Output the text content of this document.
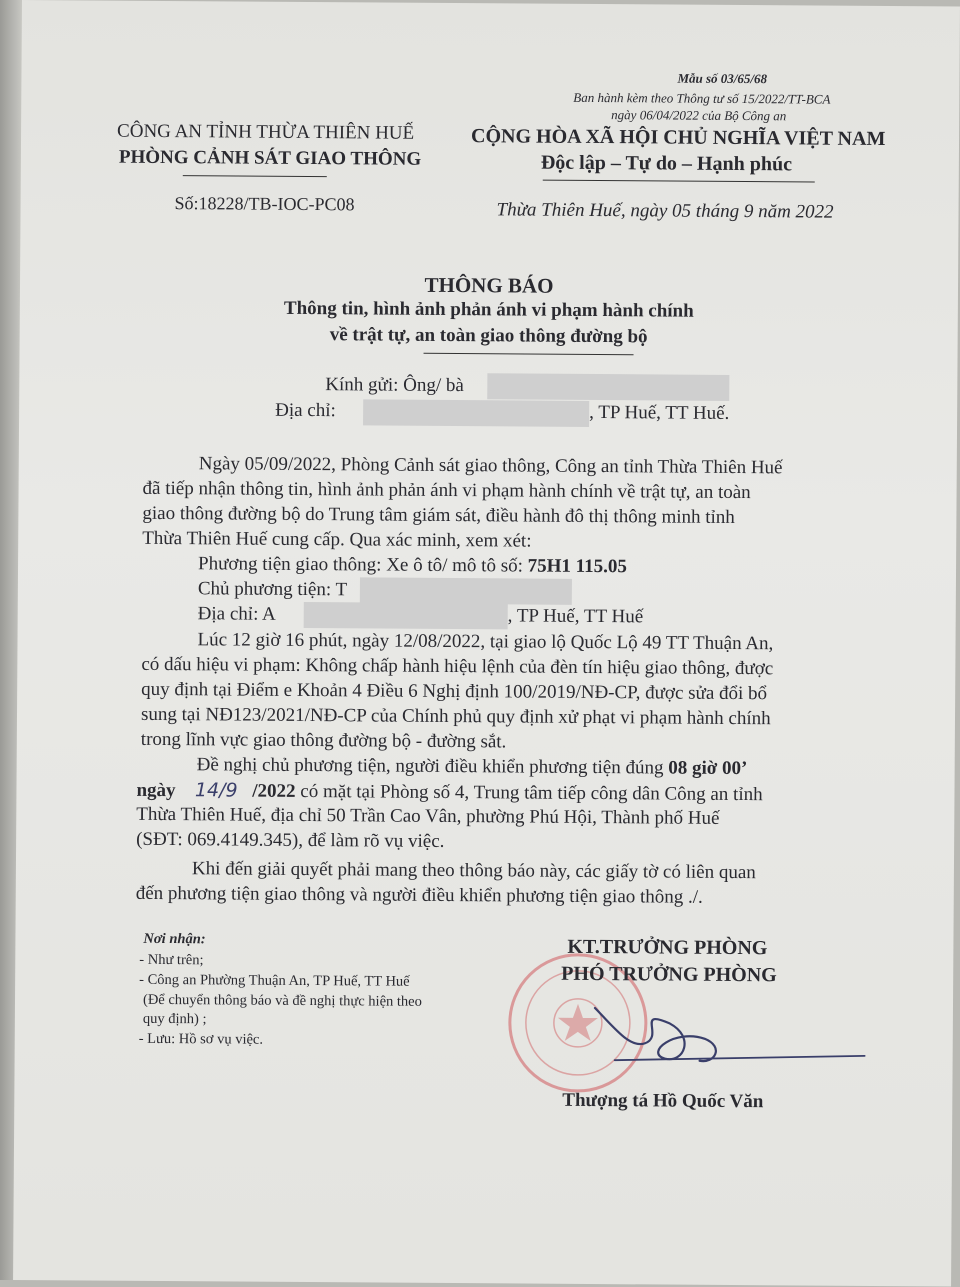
Mẫu số 03/65/68
Ban hành kèm theo Thông tư số 15/2022/TT-BCA
ngày 06/04/2022 của Bộ Công an
CÔNG AN TỈNH THỪA THIÊN HUẾ
PHÒNG CẢNH SÁT GIAO THÔNG
Số:18228/TB-IOC-PC08
CỘNG HÒA XÃ HỘI CHỦ NGHĨA VIỆT NAM
Độc lập – Tự do – Hạnh phúc
Thừa Thiên Huế, ngày 05 tháng 9 năm 2022
THÔNG BÁO
Thông tin, hình ảnh phản ánh vi phạm hành chính
về trật tự, an toàn giao thông đường bộ
Kính gửi: Ông/ bà
Địa chỉ:	, TP Huế, TT Huế.
Ngày 05/09/2022, Phòng Cảnh sát giao thông, Công an tỉnh Thừa Thiên Huế
đã tiếp nhận thông tin, hình ảnh phản ánh vi phạm hành chính về trật tự, an toàn
giao thông đường bộ do Trung tâm giám sát, điều hành đô thị thông minh tỉnh
Thừa Thiên Huế cung cấp. Qua xác minh, xem xét:
Phương tiện giao thông: Xe ô tô/ mô tô số: 75H1 115.05
Chủ phương tiện: T
Địa chỉ: A	, TP Huế, TT Huế
Lúc 12 giờ 16 phút, ngày 12/08/2022, tại giao lộ Quốc Lộ 49 TT Thuận An,
có dấu hiệu vi phạm: Không chấp hành hiệu lệnh của đèn tín hiệu giao thông, được
quy định tại Điểm e Khoản 4 Điều 6 Nghị định 100/2019/NĐ-CP, được sửa đổi bổ
sung tại NĐ123/2021/NĐ-CP của Chính phủ quy định xử phạt vi phạm hành chính
trong lĩnh vực giao thông đường bộ - đường sắt.
Đề nghị chủ phương tiện, người điều khiển phương tiện đúng 08 giờ 00’
ngày 14/9 /2022 có mặt tại Phòng số 4, Trung tâm tiếp công dân Công an tỉnh
Thừa Thiên Huế, địa chỉ 50 Trần Cao Vân, phường Phú Hội, Thành phố Huế
(SĐT: 069.4149.345), để làm rõ vụ việc.
Khi đến giải quyết phải mang theo thông báo này, các giấy tờ có liên quan
đến phương tiện giao thông và người điều khiển phương tiện giao thông ./.
Nơi nhận:
- Như trên;
- Công an Phường Thuận An, TP Huế, TT Huế
(Để chuyển thông báo và đề nghị thực hiện theo
quy định) ;
- Lưu: Hồ sơ vụ việc.
KT.TRƯỞNG PHÒNG
PHÓ TRƯỞNG PHÒNG
Thượng tá Hồ Quốc Văn
